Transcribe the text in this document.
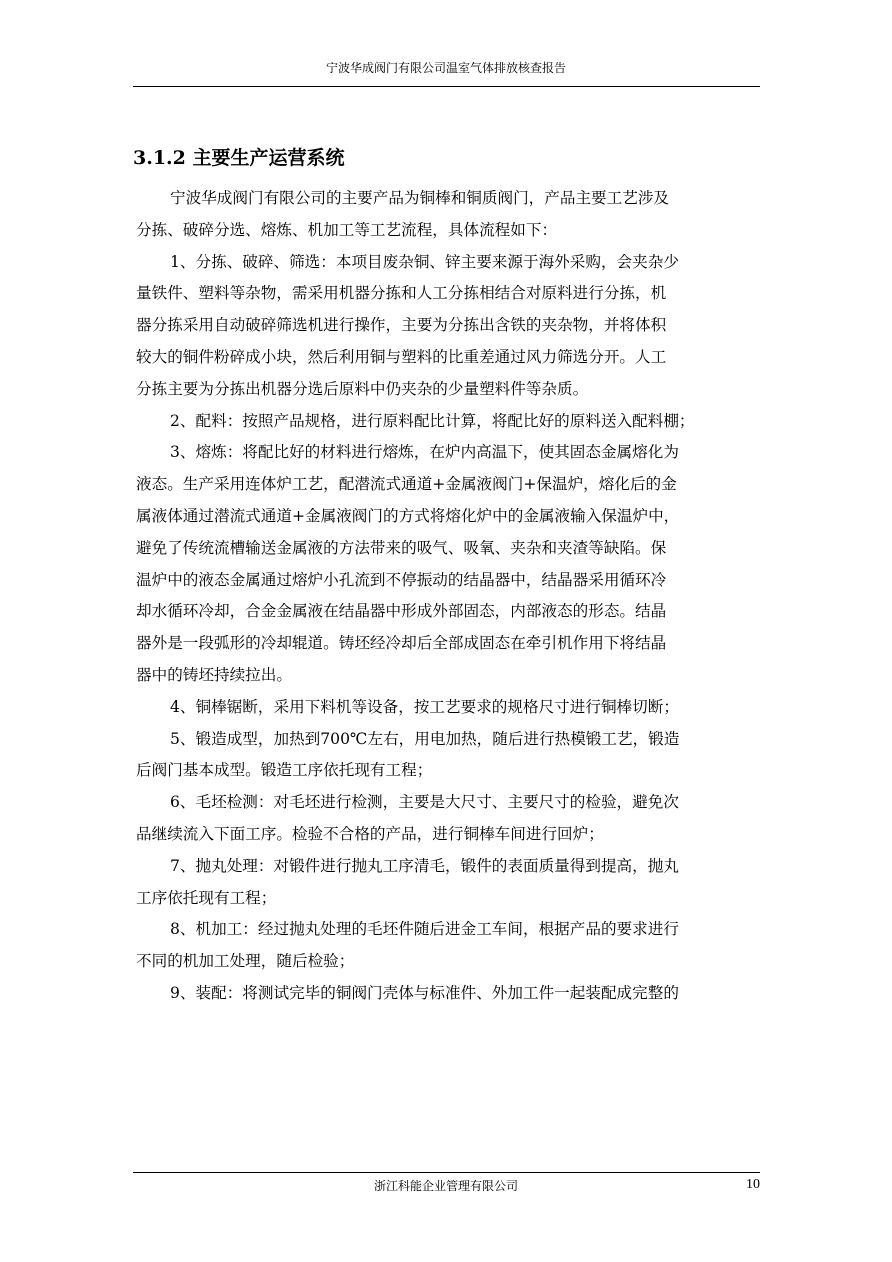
宁波华成阀门有限公司温室气体排放核查报告
3.1.2 主要生产运营系统
宁波华成阀门有限公司的主要产品为铜棒和铜质阀门，产品主要工艺涉及
分拣、破碎分选、熔炼、机加工等工艺流程，具体流程如下：
1、分拣、破碎、筛选：本项目废杂铜、锌主要来源于海外采购，会夹杂少
量铁件、塑料等杂物，需采用机器分拣和人工分拣相结合对原料进行分拣，机
器分拣采用自动破碎筛选机进行操作，主要为分拣出含铁的夹杂物，并将体积
较大的铜件粉碎成小块，然后利用铜与塑料的比重差通过风力筛选分开。人工
分拣主要为分拣出机器分选后原料中仍夹杂的少量塑料件等杂质。
2、配料：按照产品规格，进行原料配比计算，将配比好的原料送入配料棚；
3、熔炼：将配比好的材料进行熔炼，在炉内高温下，使其固态金属熔化为
液态。生产采用连体炉工艺，配潜流式通道+金属液阀门+保温炉，熔化后的金
属液体通过潜流式通道+金属液阀门的方式将熔化炉中的金属液输入保温炉中，
避免了传统流槽输送金属液的方法带来的吸气、吸氧、夹杂和夹渣等缺陷。保
温炉中的液态金属通过熔炉小孔流到不停振动的结晶器中，结晶器采用循环冷
却水循环冷却，合金金属液在结晶器中形成外部固态，内部液态的形态。结晶
器外是一段弧形的冷却辊道。铸坯经冷却后全部成固态在牵引机作用下将结晶
器中的铸坯持续拉出。
4、铜棒锯断，采用下料机等设备，按工艺要求的规格尺寸进行铜棒切断；
5、锻造成型，加热到700℃左右，用电加热，随后进行热模锻工艺，锻造
后阀门基本成型。锻造工序依托现有工程；
6、毛坯检测：对毛坯进行检测，主要是大尺寸、主要尺寸的检验，避免次
品继续流入下面工序。检验不合格的产品，进行铜棒车间进行回炉；
7、抛丸处理：对锻件进行抛丸工序清毛，锻件的表面质量得到提高，抛丸
工序依托现有工程；
8、机加工：经过抛丸处理的毛坯件随后进金工车间，根据产品的要求进行
不同的机加工处理，随后检验；
9、装配：将测试完毕的铜阀门壳体与标准件、外加工件一起装配成完整的
浙江科能企业管理有限公司	10
